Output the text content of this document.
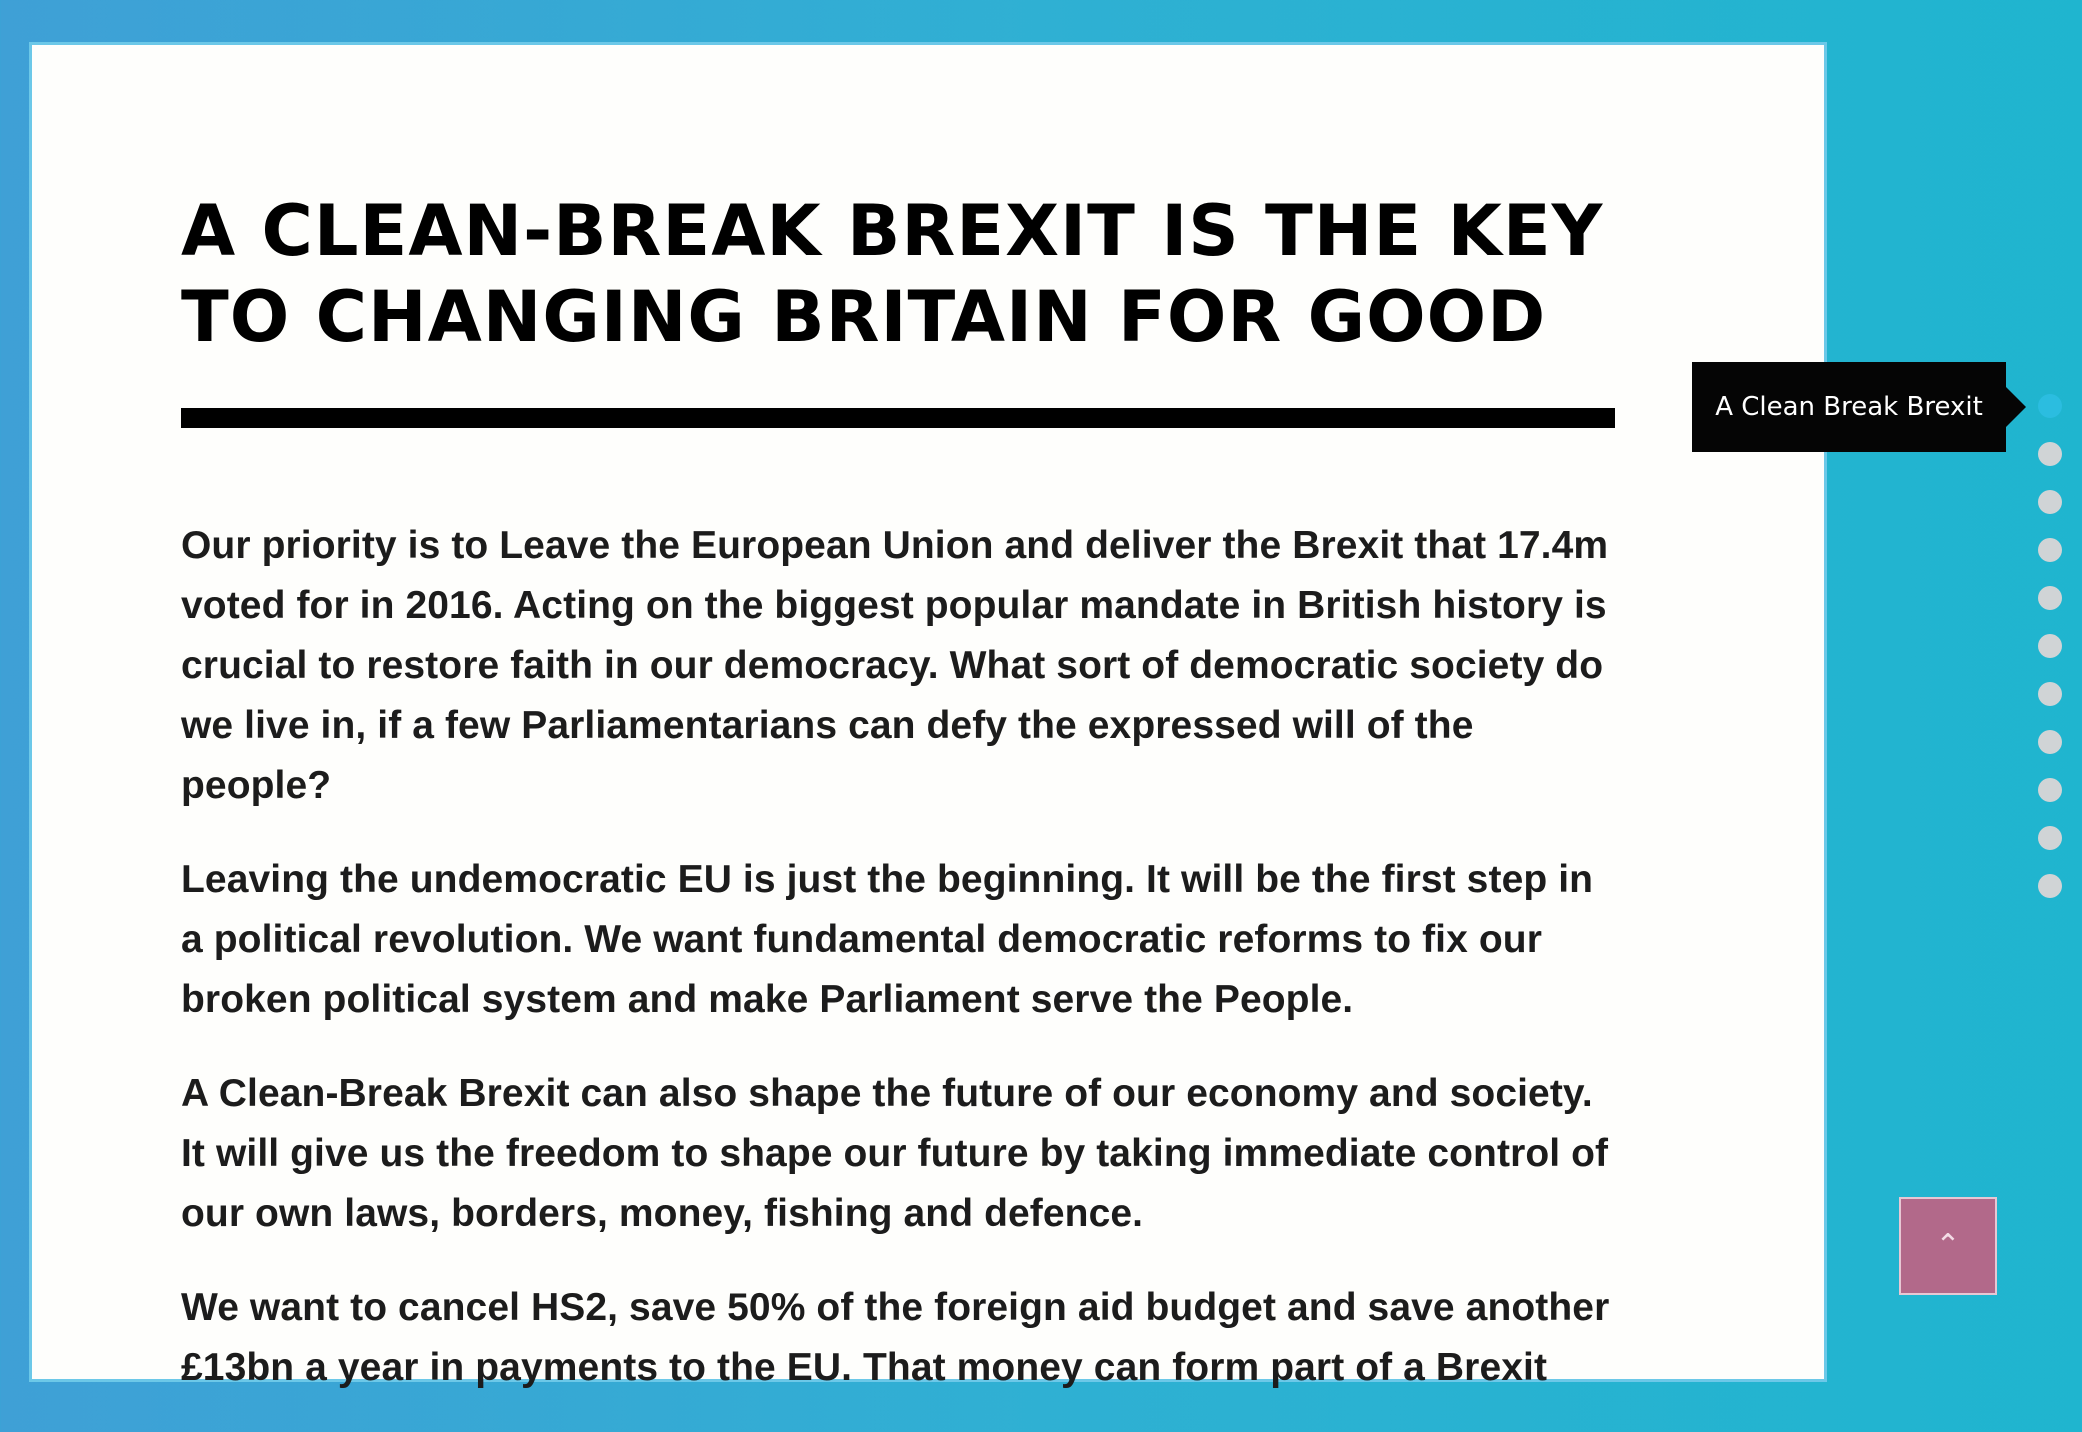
A CLEAN-BREAK BREXIT IS THE KEY
TO CHANGING BRITAIN FOR GOOD

Our priority is to Leave the European Union and deliver the Brexit that 17.4m voted for in 2016. Acting on the biggest popular mandate in British history is crucial to restore faith in our democracy. What sort of democratic society do we live in, if a few Parliamentarians can defy the expressed will of the people?

Leaving the undemocratic EU is just the beginning. It will be the first step in a political revolution. We want fundamental democratic reforms to fix our broken political system and make Parliament serve the People.

A Clean-Break Brexit can also shape the future of our economy and society. It will give us the freedom to shape our future by taking immediate control of our own laws, borders, money, fishing and defence.

We want to cancel HS2, save 50% of the foreign aid budget and save another £13bn a year in payments to the EU. That money can form part of a Brexit

A Clean Break Brexit
⌃
